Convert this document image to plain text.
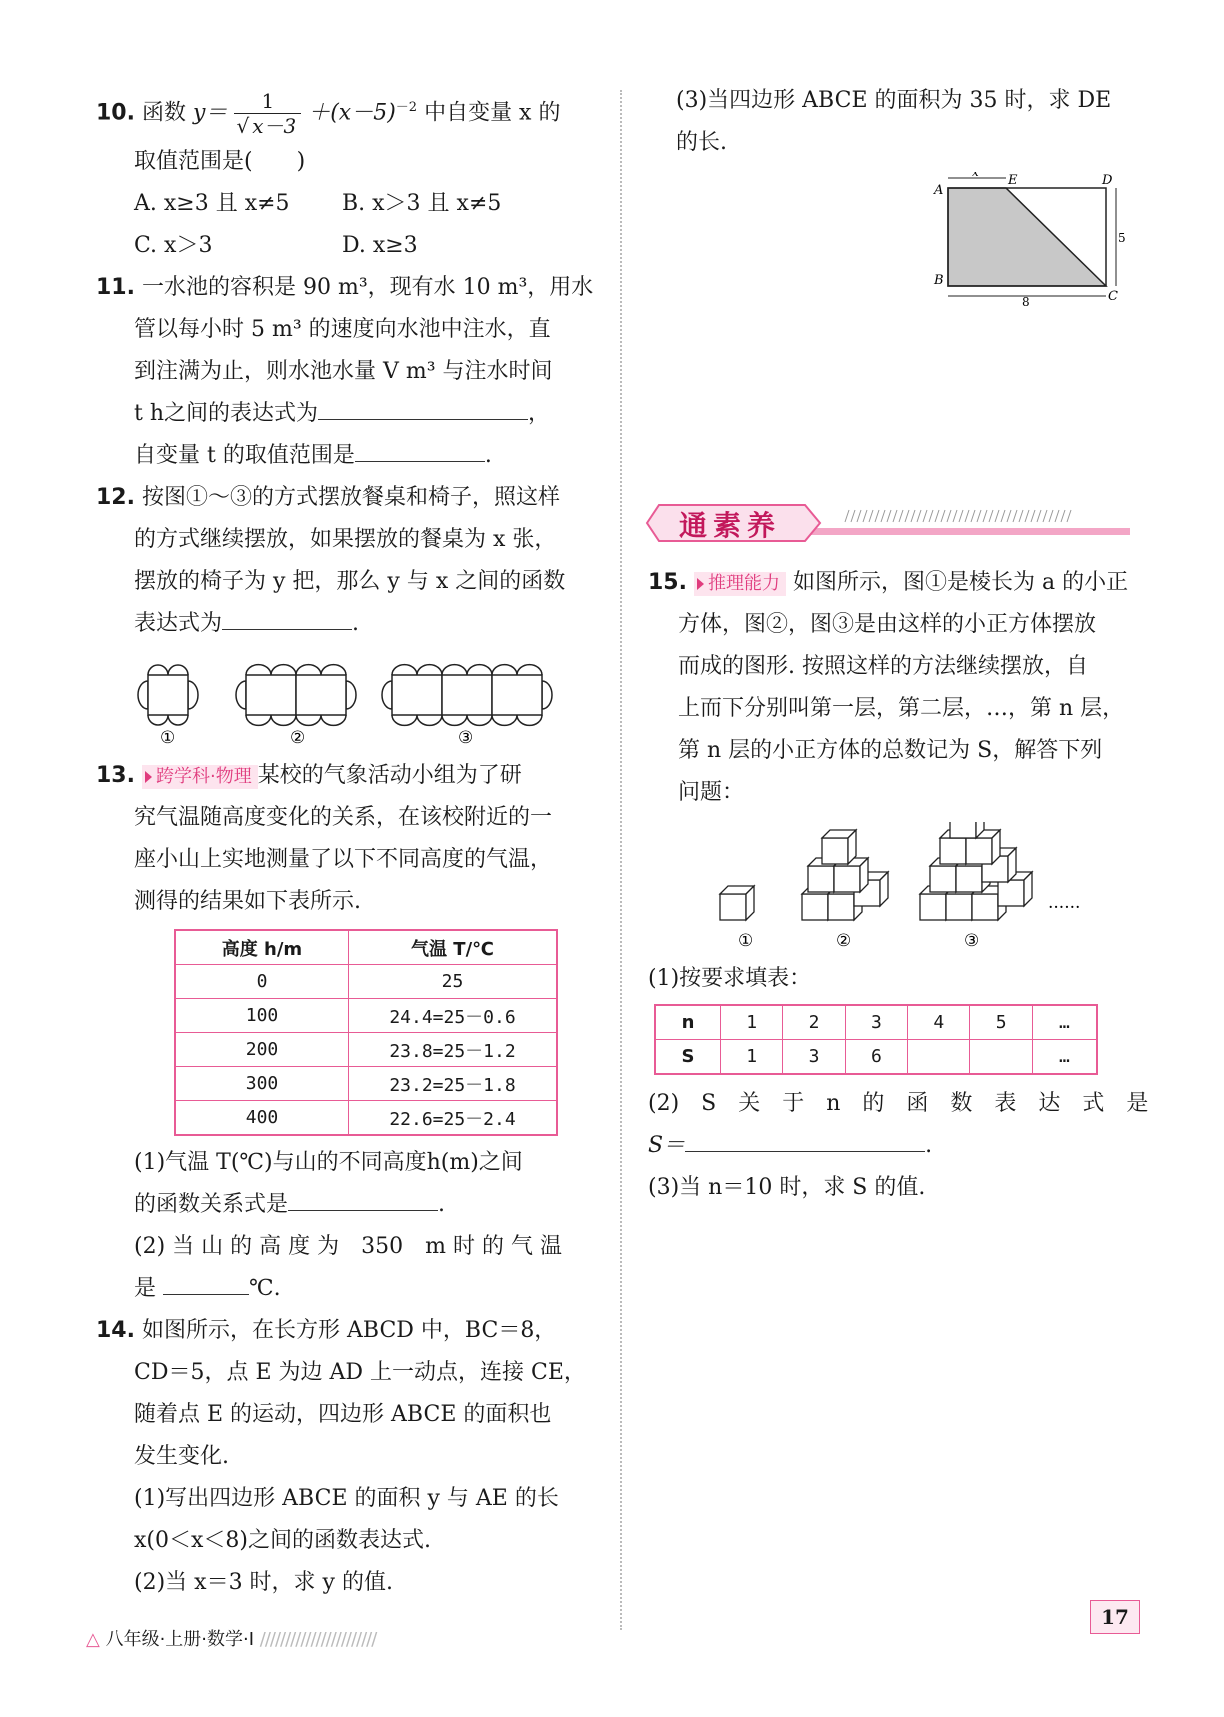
10. 函数 $y= \frac{1}{√ x-3} +(x-5)^{-2}$ 中自变量 x 的
取值范围是(　　)
A. x≥3 且 x≠5 B. x＞3 且 x≠5
C. x＞3	D. x≥3
11. 一水池的容积是 90 m³，现有水 10 m³，用水
管以每小时 5 m³ 的速度向水池中注水，直
到注满为止，则水池水量 V m³ 与注水时间
t h之间的表达式为	，
自变量 t 的取值范围是	.
12. 按图①～③的方式摆放餐桌和椅子，照这样
的方式继续摆放，如果摆放的餐桌为 x 张，
摆放的椅子为 y 把，那么 y 与 x 之间的函数
表达式为	.
①	②	③
13. 跨学科·物理 某校的气象活动小组为了研
究气温随高度变化的关系，在该校附近的一
座小山上实地测量了以下不同高度的气温，
测得的结果如下表所示.
高度 h/m	气温 T/℃
0	25
100	24.4=25－0.6
200	23.8=25－1.2
300	23.2=25－1.8
400	22.6=25－2.4
(1)气温 T(℃)与山的不同高度h(m)之间
的函数关系式是	.
(2) 当 山 的 高 度 为　350　m 时 的 气 温
是	℃.
14. 如图所示，在长方形 ABCD 中，BC＝8，
CD＝5，点 E 为边 AD 上一动点，连接 CE，
随着点 E 的运动，四边形 ABCE 的面积也
发生变化.
(1)写出四边形 ABCE 的面积 y 与 AE 的长
x(0＜x＜8)之间的函数表达式.
(2)当 x＝3 时，求 y 的值.
(3)当四边形 ABCE 的面积为 35 时，求 DE
的长.
A
B
C
D
E
x
5
8
通素养
15. 推理能力 如图所示，图①是棱长为 a 的小正
方体，图②，图③是由这样的小正方体摆放
而成的图形. 按照这样的方法继续摆放，自
上而下分别叫第一层，第二层，…，第 n 层，
第 n 层的小正方体的总数记为 S，解答下列
问题：
①	②	③
......
(1)按要求填表：
n	1	2	3	4	5	…
S	1	3	6			…
(2)　S　关　于　n　的　函　数　表　达　式　是
S＝	.
(3)当 n＝10 时，求 S 的值.
△ 八年级·上册·数学·I ///////////////////////
17
